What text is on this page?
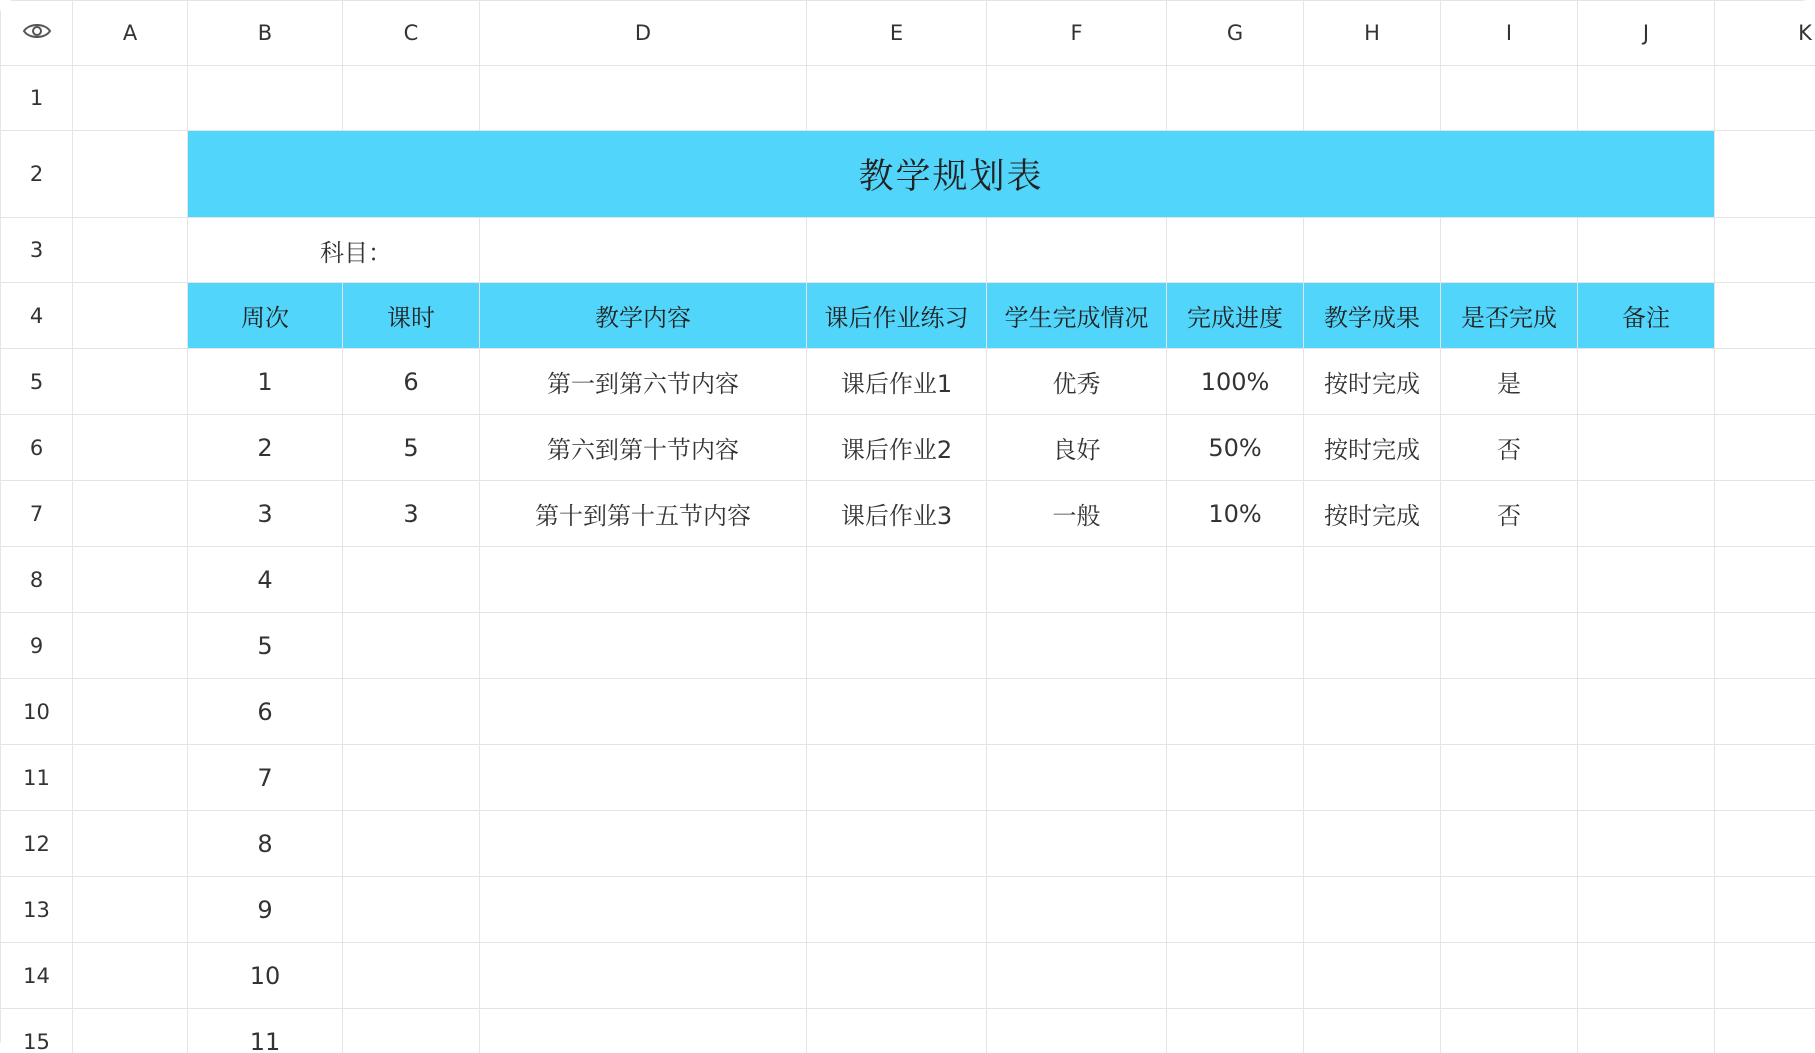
	A	B	C	D	E	F	G	H	I	J	K
1											
2		教学规划表									
3		科目：									
4		周次	课时	教学内容	课后作业练习	学生完成情况	完成进度	教学成果	是否完成	备注	
5		1	6	第一到第六节内容	课后作业1	优秀	100%	按时完成	是		
6		2	5	第六到第十节内容	课后作业2	良好	50%	按时完成	否		
7		3	3	第十到第十五节内容	课后作业3	一般	10%	按时完成	否		
8		4									
9		5									
10		6									
11		7									
12		8									
13		9									
14		10									
15		11									
